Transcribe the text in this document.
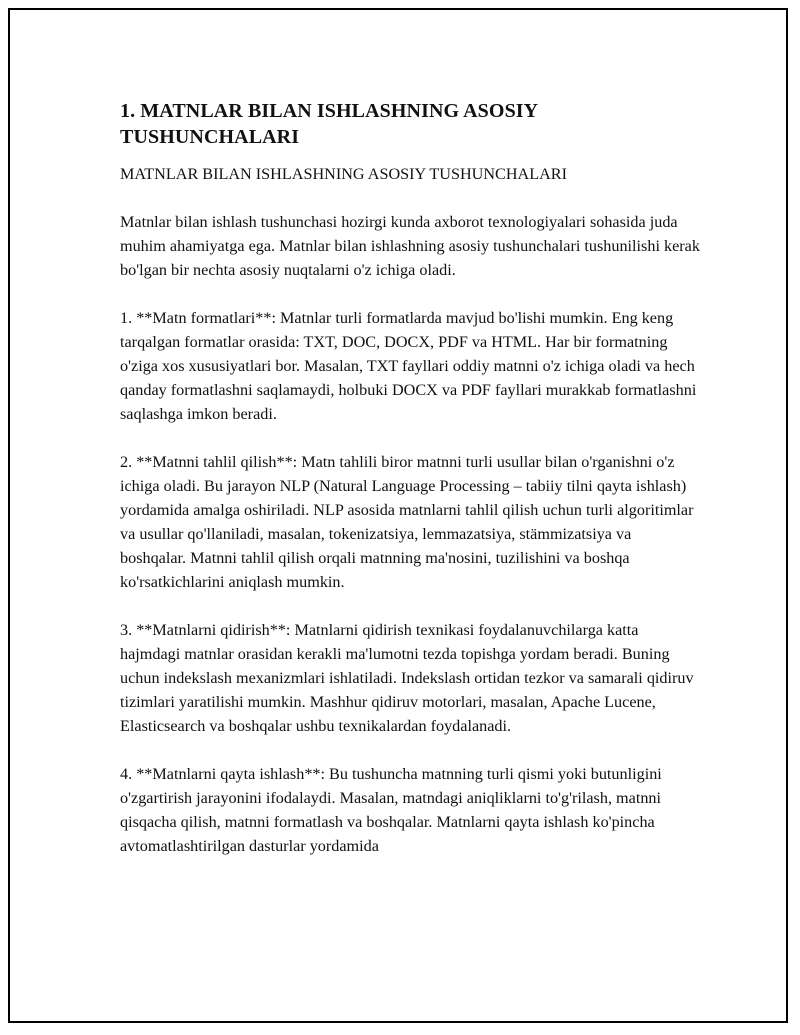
1. MATNLAR BILAN ISHLASHNING ASOSIY TUSHUNCHALARI

MATNLAR BILAN ISHLASHNING ASOSIY TUSHUNCHALARI

Matnlar bilan ishlash tushunchasi hozirgi kunda axborot texnologiyalari sohasida juda muhim ahamiyatga ega. Matnlar bilan ishlashning asosiy tushunchalari tushunilishi kerak bo'lgan bir nechta asosiy nuqtalarni o'z ichiga oladi.

1. **Matn formatlari**: Matnlar turli formatlarda mavjud bo'lishi mumkin. Eng keng tarqalgan formatlar orasida: TXT, DOC, DOCX, PDF va HTML. Har bir formatning o'ziga xos xususiyatlari bor. Masalan, TXT fayllari oddiy matnni o'z ichiga oladi va hech qanday formatlashni saqlamaydi, holbuki DOCX va PDF fayllari murakkab formatlashni saqlashga imkon beradi.

2. **Matnni tahlil qilish**: Matn tahlili biror matnni turli usullar bilan o'rganishni o'z ichiga oladi. Bu jarayon NLP (Natural Language Processing – tabiiy tilni qayta ishlash) yordamida amalga oshiriladi. NLP asosida matnlarni tahlil qilish uchun turli algoritimlar va usullar qo'llaniladi, masalan, tokenizatsiya, lemmazatsiya, stämmizatsiya va boshqalar. Matnni tahlil qilish orqali matnning ma'nosini, tuzilishini va boshqa ko'rsatkichlarini aniqlash mumkin.

3. **Matnlarni qidirish**: Matnlarni qidirish texnikasi foydalanuvchilarga katta hajmdagi matnlar orasidan kerakli ma'lumotni tezda topishga yordam beradi. Buning uchun indekslash mexanizmlari ishlatiladi. Indekslash ortidan tezkor va samarali qidiruv tizimlari yaratilishi mumkin. Mashhur qidiruv motorlari, masalan, Apache Lucene, Elasticsearch va boshqalar ushbu texnikalardan foydalanadi.

4. **Matnlarni qayta ishlash**: Bu tushuncha matnning turli qismi yoki butunligini o'zgartirish jarayonini ifodalaydi. Masalan, matndagi aniqliklarni to'g'rilash, matnni qisqacha qilish, matnni formatlash va boshqalar. Matnlarni qayta ishlash ko'pincha avtomatlashtirilgan dasturlar yordamida
